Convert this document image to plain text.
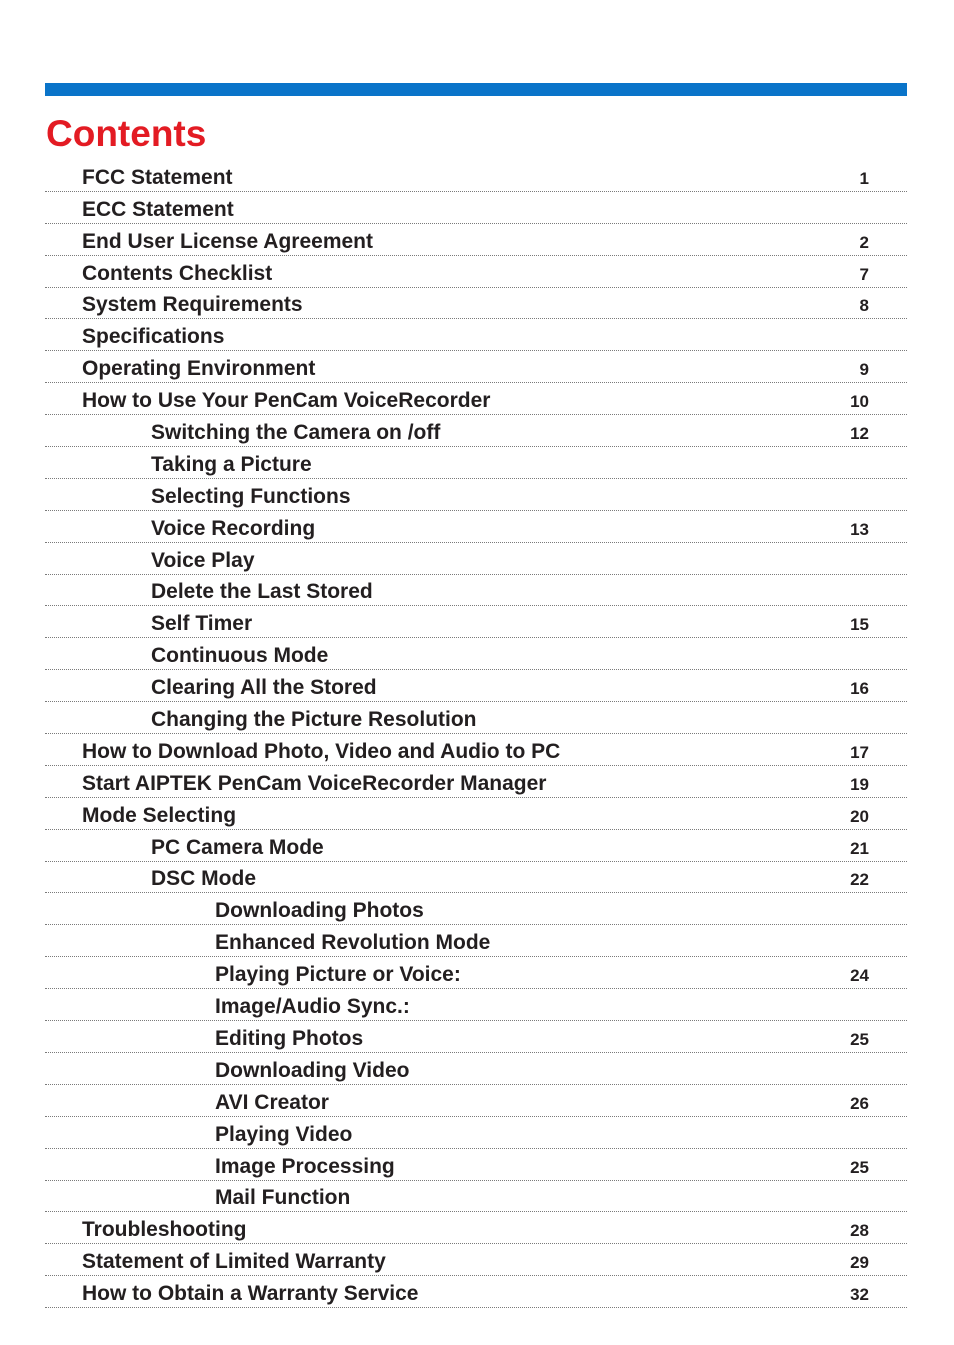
Contents
FCC Statement	1
ECC Statement
End User License Agreement	2
Contents Checklist	7
System Requirements	8
Specifications
Operating Environment	9
How to Use Your PenCam VoiceRecorder	10
Switching the Camera on /off	12
Taking a Picture
Selecting Functions
Voice Recording	13
Voice Play
Delete the Last Stored
Self Timer	15
Continuous Mode
Clearing All the Stored	16
Changing the Picture Resolution
How to Download Photo, Video and Audio to PC	17
Start AIPTEK PenCam VoiceRecorder Manager	19
Mode Selecting	20
PC Camera Mode	21
DSC Mode	22
Downloading Photos
Enhanced Revolution Mode
Playing Picture or Voice:	24
Image/Audio Sync.:
Editing Photos	25
Downloading Video
AVI Creator	26
Playing Video
Image Processing	25
Mail Function
Troubleshooting	28
Statement of Limited Warranty	29
How to Obtain a Warranty Service	32
